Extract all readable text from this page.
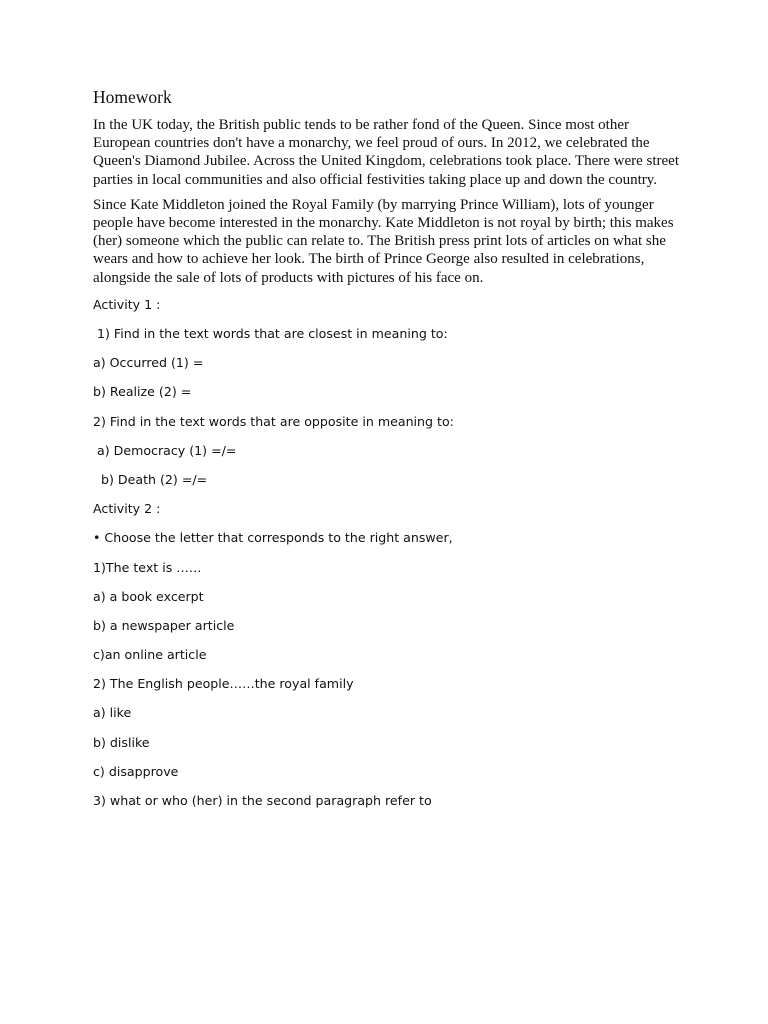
Homework

In the UK today, the British public tends to be rather fond of the Queen. Since most other European countries don't have a monarchy, we feel proud of ours. In 2012, we celebrated the Queen's Diamond Jubilee. Across the United Kingdom, celebrations took place. There were street parties in local communities and also official festivities taking place up and down the country.

Since Kate Middleton joined the Royal Family (by marrying Prince William), lots of younger people have become interested in the monarchy. Kate Middleton is not royal by birth; this makes (her) someone which the public can relate to. The British press print lots of articles on what she wears and how to achieve her look. The birth of Prince George also resulted in celebrations, alongside the sale of lots of products with pictures of his face on.

Activity 1 :
1) Find in the text words that are closest in meaning to:
a) Occurred (1) =
b) Realize (2) =
2) Find in the text words that are opposite in meaning to:
a) Democracy (1) =/=
b) Death (2) =/=
Activity 2 :
• Choose the letter that corresponds to the right answer,
1)The text is ……
a) a book excerpt
b) a newspaper article
c)an online article
2) The English people……the royal family
a) like
b) dislike
c) disapprove
3) what or who (her) in the second paragraph refer to
